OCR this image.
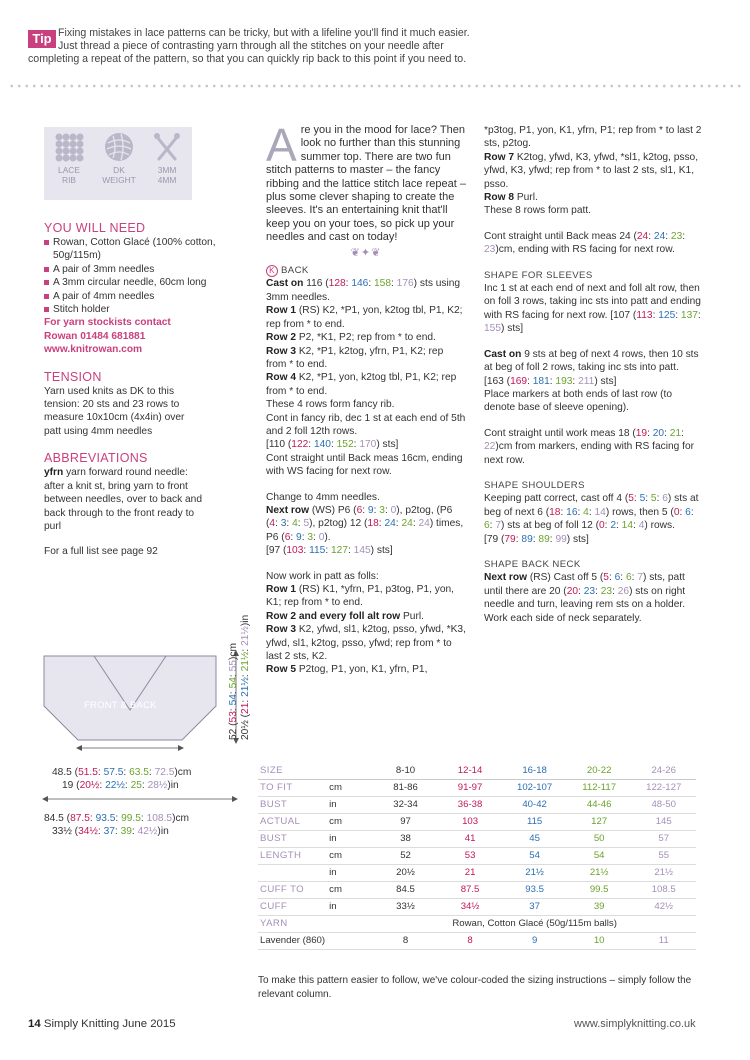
Tip Fixing mistakes in lace patterns can be tricky, but with a lifeline you'll find it much easier.
Just thread a piece of contrasting yarn through all the stitches on your needle after
completing a repeat of the pattern, so that you can quickly rip back to this point if you need to.
LACE
RIB
DK
WEIGHT
3MM
4MM
YOU WILL NEED
Rowan, Cotton Glacé (100% cotton, 50g/115m)
A pair of 3mm needles
A 3mm circular needle, 60cm long
A pair of 4mm needles
Stitch holder
For yarn stockists contact Rowan 01484 681881 www.knitrowan.com
TENSION
Yarn used knits as DK to this tension: 20 sts and 23 rows to measure 10x10cm (4x4in) over patt using 4mm needles
ABBREVIATIONS
yfrn yarn forward round needle: after a knit st, bring yarn to front between needles, over to back and back through to the front ready to purl
For a full list see page 92
FRONT & BACK
52 (53: 54: 54: 55)cm
20½ (21: 21½: 21½: 21½)in
48.5 (51.5: 57.5: 63.5: 72.5)cm
19 (20½: 22½: 25: 28½)in
84.5 (87.5: 93.5: 99.5: 108.5)cm
33½ (34½: 37: 39: 42½)in
Are you in the mood for lace? Then look no further than this stunning summer top. There are two fun stitch patterns to master – the fancy ribbing and the lattice stitch lace repeat – plus some clever shaping to create the sleeves. It's an entertaining knit that'll keep you on your toes, so pick up your needles and cast on today!
❦✦❦
K BACK
Cast on 116 (128: 146: 158: 176) sts using 3mm needles.
Row 1 (RS) K2, *P1, yon, k2tog tbl, P1, K2; rep from * to end.
Row 2 P2, *K1, P2; rep from * to end.
Row 3 K2, *P1, k2tog, yfrn, P1, K2; rep from * to end.
Row 4 K2, *P1, yon, k2tog tbl, P1, K2; rep from * to end.
These 4 rows form fancy rib.
Cont in fancy rib, dec 1 st at each end of 5th and 2 foll 12th rows.
[110 (122: 140: 152: 170) sts]
Cont straight until Back meas 16cm, ending with WS facing for next row.
Change to 4mm needles.
Next row (WS) P6 (6: 9: 3: 0), p2tog, (P6 (4: 3: 4: 5), p2tog) 12 (18: 24: 24: 24) times, P6 (6: 9: 3: 0).
[97 (103: 115: 127: 145) sts]
Now work in patt as folls:
Row 1 (RS) K1, *yfrn, P1, p3tog, P1, yon, K1; rep from * to end.
Row 2 and every foll alt row Purl.
Row 3 K2, yfwd, sl1, k2tog, psso, yfwd, *K3, yfwd, sl1, k2tog, psso, yfwd; rep from * to last 2 sts, K2.
Row 5 P2tog, P1, yon, K1, yfrn, P1,
*p3tog, P1, yon, K1, yfrn, P1; rep from * to last 2 sts, p2tog.
Row 7 K2tog, yfwd, K3, yfwd, *sl1, k2tog, psso, yfwd, K3, yfwd; rep from * to last 2 sts, sl1, K1, psso.
Row 8 Purl.
These 8 rows form patt.
Cont straight until Back meas 24 (24: 24: 23: 23)cm, ending with RS facing for next row.
SHAPE FOR SLEEVES
Inc 1 st at each end of next and foll alt row, then on foll 3 rows, taking inc sts into patt and ending with RS facing for next row. [107 (113: 125: 137: 155) sts]
Cast on 9 sts at beg of next 4 rows, then 10 sts at beg of foll 2 rows, taking inc sts into patt.
[163 (169: 181: 193: 211) sts]
Place markers at both ends of last row (to denote base of sleeve opening).
Cont straight until work meas 18 (19: 20: 21: 22)cm from markers, ending with RS facing for next row.
SHAPE SHOULDERS
Keeping patt correct, cast off 4 (5: 5: 5: 6) sts at beg of next 6 (18: 16: 4: 14) rows, then 5 (0: 6: 6: 7) sts at beg of foll 12 (0: 2: 14: 4) rows.
[79 (79: 89: 89: 99) sts]
SHAPE BACK NECK
Next row (RS) Cast off 5 (5: 6: 6: 7) sts, patt until there are 20 (20: 23: 23: 26) sts on right needle and turn, leaving rem sts on a holder. Work each side of neck separately.
SIZE		8-10	12-14	16-18	20-22	24-26
TO FIT	cm	81-86	91-97	102-107	112-117	122-127
BUST	in	32-34	36-38	40-42	44-46	48-50
ACTUAL	cm	97	103	115	127	145
BUST	in	38	41	45	50	57
LENGTH	cm	52	53	54	54	55
	in	20½	21	21½	21½	21½
CUFF TO	cm	84.5	87.5	93.5	99.5	108.5
CUFF	in	33½	34½	37	39	42½
YARN		Rowan, Cotton Glacé (50g/115m balls)				
Lavender (860)		8	8	9	10	11
To make this pattern easier to follow, we've colour-coded the sizing instructions – simply follow the relevant column.
14 Simply Knitting June 2015	www.simplyknitting.co.uk
